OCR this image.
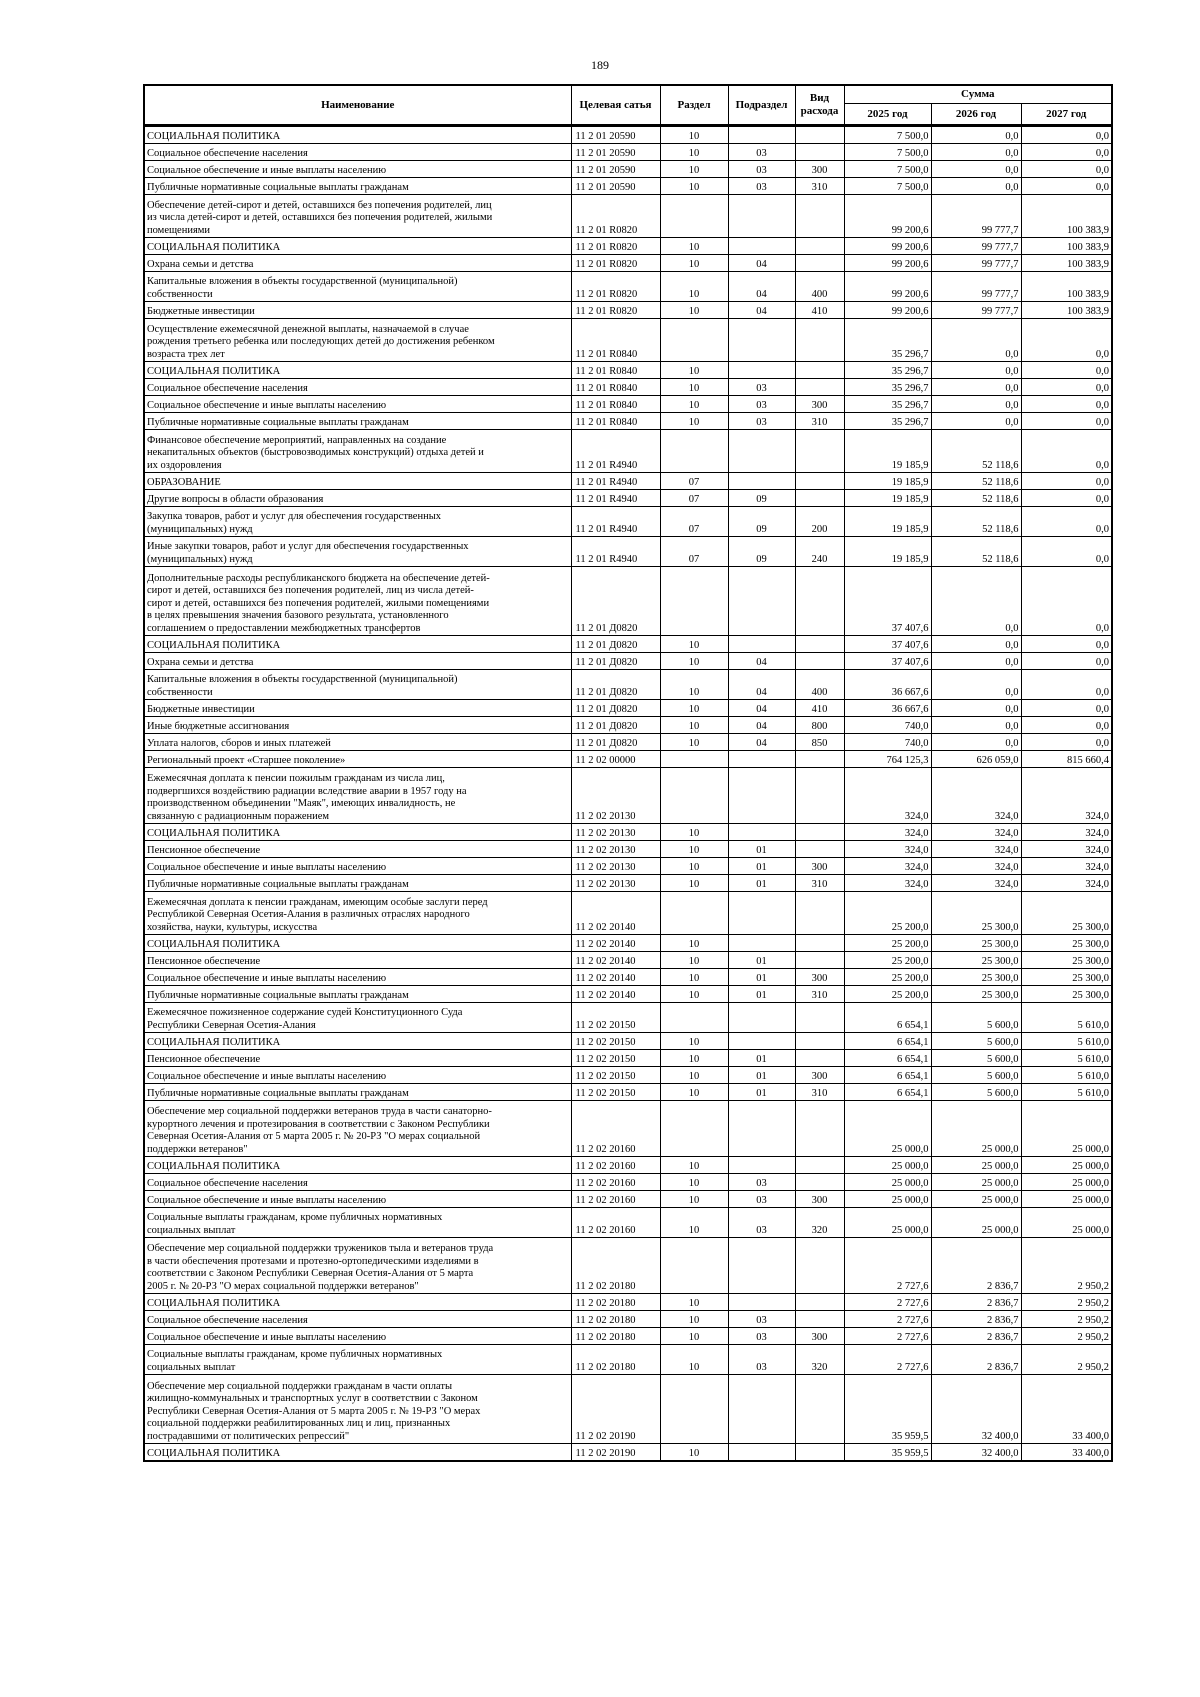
189
Наименование	Целевая сатья	Раздел	Подраздел	Вид расхода	Сумма		
					2025 год	2026 год	2027 год
СОЦИАЛЬНАЯ ПОЛИТИКА	11 2 01 20590	10			7 500,0	0,0	0,0
Социальное обеспечение населения	11 2 01 20590	10	03		7 500,0	0,0	0,0
Социальное обеспечение и иные выплаты населению	11 2 01 20590	10	03	300	7 500,0	0,0	0,0
Публичные нормативные социальные выплаты гражданам	11 2 01 20590	10	03	310	7 500,0	0,0	0,0
Обеспечение детей-сирот и детей, оставшихся без попечения родителей, лиц
из числа детей-сирот и детей, оставшихся без попечения родителей, жилыми
помещениями	11 2 01 R0820				99 200,6	99 777,7	100 383,9
СОЦИАЛЬНАЯ ПОЛИТИКА	11 2 01 R0820	10			99 200,6	99 777,7	100 383,9
Охрана семьи и детства	11 2 01 R0820	10	04		99 200,6	99 777,7	100 383,9
Капитальные вложения в объекты государственной (муниципальной)
собственности	11 2 01 R0820	10	04	400	99 200,6	99 777,7	100 383,9
Бюджетные инвестиции	11 2 01 R0820	10	04	410	99 200,6	99 777,7	100 383,9
Осуществление ежемесячной денежной выплаты, назначаемой в случае
рождения третьего ребенка или последующих детей до достижения ребенком
возраста трех лет	11 2 01 R0840				35 296,7	0,0	0,0
СОЦИАЛЬНАЯ ПОЛИТИКА	11 2 01 R0840	10			35 296,7	0,0	0,0
Социальное обеспечение населения	11 2 01 R0840	10	03		35 296,7	0,0	0,0
Социальное обеспечение и иные выплаты населению	11 2 01 R0840	10	03	300	35 296,7	0,0	0,0
Публичные нормативные социальные выплаты гражданам	11 2 01 R0840	10	03	310	35 296,7	0,0	0,0
Финансовое обеспечение мероприятий, направленных на создание
некапитальных объектов (быстровозводимых конструкций) отдыха детей и
их оздоровления	11 2 01 R4940				19 185,9	52 118,6	0,0
ОБРАЗОВАНИЕ	11 2 01 R4940	07			19 185,9	52 118,6	0,0
Другие вопросы в области образования	11 2 01 R4940	07	09		19 185,9	52 118,6	0,0
Закупка товаров, работ и услуг для обеспечения государственных
(муниципальных) нужд	11 2 01 R4940	07	09	200	19 185,9	52 118,6	0,0
Иные закупки товаров, работ и услуг для обеспечения государственных
(муниципальных) нужд	11 2 01 R4940	07	09	240	19 185,9	52 118,6	0,0
Дополнительные расходы республиканского бюджета на обеспечение детей-
сирот и детей, оставшихся без попечения родителей, лиц из числа детей-
сирот и детей, оставшихся без попечения родителей, жилыми помещениями
в целях превышения значения базового результата, установленного
соглашением о предоставлении межбюджетных трансфертов	11 2 01 Д0820				37 407,6	0,0	0,0
СОЦИАЛЬНАЯ ПОЛИТИКА	11 2 01 Д0820	10			37 407,6	0,0	0,0
Охрана семьи и детства	11 2 01 Д0820	10	04		37 407,6	0,0	0,0
Капитальные вложения в объекты государственной (муниципальной)
собственности	11 2 01 Д0820	10	04	400	36 667,6	0,0	0,0
Бюджетные инвестиции	11 2 01 Д0820	10	04	410	36 667,6	0,0	0,0
Иные бюджетные ассигнования	11 2 01 Д0820	10	04	800	740,0	0,0	0,0
Уплата налогов, сборов и иных платежей	11 2 01 Д0820	10	04	850	740,0	0,0	0,0
Региональный проект «Старшее поколение»	11 2 02 00000				764 125,3	626 059,0	815 660,4
Ежемесячная доплата к пенсии пожилым гражданам из числа лиц,
подвергшихся воздействию радиации вследствие аварии в 1957 году на
производственном объединении "Маяк", имеющих инвалидность, не
связанную с радиационным поражением	11 2 02 20130				324,0	324,0	324,0
СОЦИАЛЬНАЯ ПОЛИТИКА	11 2 02 20130	10			324,0	324,0	324,0
Пенсионное обеспечение	11 2 02 20130	10	01		324,0	324,0	324,0
Социальное обеспечение и иные выплаты населению	11 2 02 20130	10	01	300	324,0	324,0	324,0
Публичные нормативные социальные выплаты гражданам	11 2 02 20130	10	01	310	324,0	324,0	324,0
Ежемесячная доплата к пенсии гражданам, имеющим особые заслуги перед
Республикой Северная Осетия-Алания в различных отраслях народного
хозяйства, науки, культуры, искусства	11 2 02 20140				25 200,0	25 300,0	25 300,0
СОЦИАЛЬНАЯ ПОЛИТИКА	11 2 02 20140	10			25 200,0	25 300,0	25 300,0
Пенсионное обеспечение	11 2 02 20140	10	01		25 200,0	25 300,0	25 300,0
Социальное обеспечение и иные выплаты населению	11 2 02 20140	10	01	300	25 200,0	25 300,0	25 300,0
Публичные нормативные социальные выплаты гражданам	11 2 02 20140	10	01	310	25 200,0	25 300,0	25 300,0
Ежемесячное пожизненное содержание судей Конституционного Суда
Республики Северная Осетия-Алания	11 2 02 20150				6 654,1	5 600,0	5 610,0
СОЦИАЛЬНАЯ ПОЛИТИКА	11 2 02 20150	10			6 654,1	5 600,0	5 610,0
Пенсионное обеспечение	11 2 02 20150	10	01		6 654,1	5 600,0	5 610,0
Социальное обеспечение и иные выплаты населению	11 2 02 20150	10	01	300	6 654,1	5 600,0	5 610,0
Публичные нормативные социальные выплаты гражданам	11 2 02 20150	10	01	310	6 654,1	5 600,0	5 610,0
Обеспечение мер социальной поддержки ветеранов труда в части санаторно-
курортного лечения и протезирования в соответствии с Законом Республики
Северная Осетия-Алания от 5 марта 2005 г. № 20-РЗ "О мерах социальной
поддержки ветеранов"	11 2 02 20160				25 000,0	25 000,0	25 000,0
СОЦИАЛЬНАЯ ПОЛИТИКА	11 2 02 20160	10			25 000,0	25 000,0	25 000,0
Социальное обеспечение населения	11 2 02 20160	10	03		25 000,0	25 000,0	25 000,0
Социальное обеспечение и иные выплаты населению	11 2 02 20160	10	03	300	25 000,0	25 000,0	25 000,0
Социальные выплаты гражданам, кроме публичных нормативных
социальных выплат	11 2 02 20160	10	03	320	25 000,0	25 000,0	25 000,0
Обеспечение мер социальной поддержки тружеников тыла и ветеранов труда
в части обеспечения протезами и протезно-ортопедическими изделиями в
соответствии с Законом Республики Северная Осетия-Алания от 5 марта
2005 г. № 20-РЗ "О мерах социальной поддержки ветеранов"	11 2 02 20180				2 727,6	2 836,7	2 950,2
СОЦИАЛЬНАЯ ПОЛИТИКА	11 2 02 20180	10			2 727,6	2 836,7	2 950,2
Социальное обеспечение населения	11 2 02 20180	10	03		2 727,6	2 836,7	2 950,2
Социальное обеспечение и иные выплаты населению	11 2 02 20180	10	03	300	2 727,6	2 836,7	2 950,2
Социальные выплаты гражданам, кроме публичных нормативных
социальных выплат	11 2 02 20180	10	03	320	2 727,6	2 836,7	2 950,2
Обеспечение мер социальной поддержки гражданам в части оплаты
жилищно-коммунальных и транспортных услуг в соответствии с Законом
Республики Северная Осетия-Алания от 5 марта 2005 г. № 19-РЗ "О мерах
социальной поддержки реабилитированных лиц и лиц, признанных
пострадавшими от политических репрессий"	11 2 02 20190				35 959,5	32 400,0	33 400,0
СОЦИАЛЬНАЯ ПОЛИТИКА	11 2 02 20190	10			35 959,5	32 400,0	33 400,0
